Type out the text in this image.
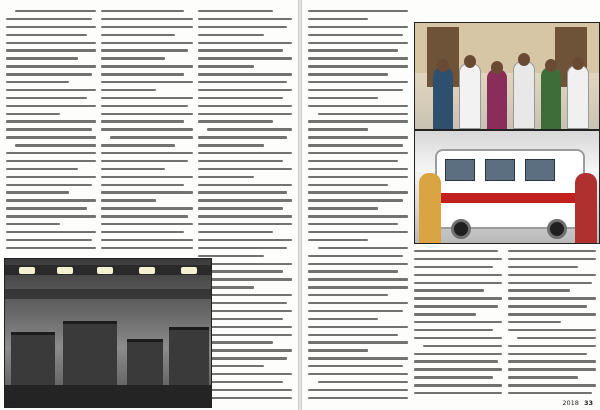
32	2018 33
